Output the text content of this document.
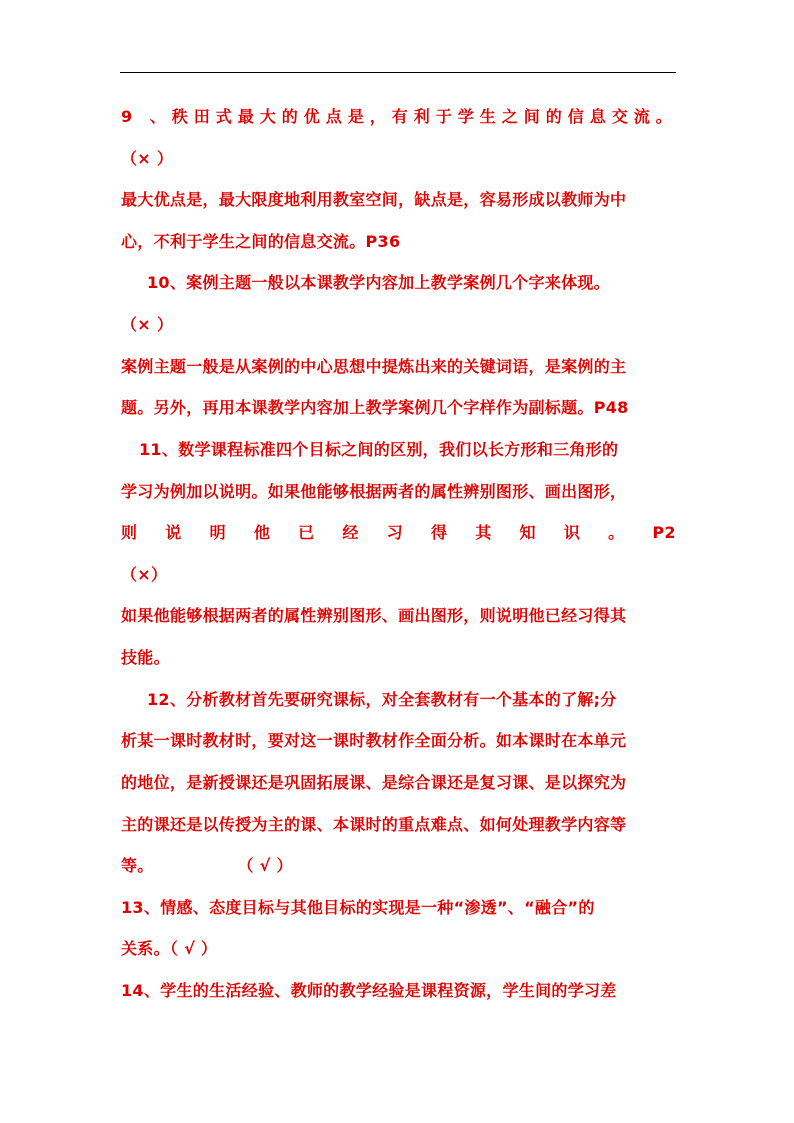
9 、秩田式最大的优点是，有利于学生之间的信息交流。
（× ）
最大优点是，最大限度地利用教室空间，缺点是，容易形成以教师为中
心，不利于学生之间的信息交流。P36
10、案例主题一般以本课教学内容加上教学案例几个字来体现。
（× ）
案例主题一般是从案例的中心思想中提炼出来的关键词语，是案例的主
题。另外，再用本课教学内容加上教学案例几个字样作为副标题。P48
11、数学课程标准四个目标之间的区别，我们以长方形和三角形的
学习为例加以说明。如果他能够根据两者的属性辨别图形、画出图形，
则 说 明 他 已 经 习 得 其 知 识 。 P2
（×）
如果他能够根据两者的属性辨别图形、画出图形，则说明他已经习得其
技能。
12、分析教材首先要研究课标，对全套教材有一个基本的了解;分
析某一课时教材时，要对这一课时教材作全面分析。如本课时在本单元
的地位，是新授课还是巩固拓展课、是综合课还是复习课、是以探究为
主的课还是以传授为主的课、本课时的重点难点、如何处理教学内容等
等。	（ √ ）
13、情感、态度目标与其他目标的实现是一种“渗透”、“融合”的
关系。（ √ ）
14、学生的生活经验、教师的教学经验是课程资源，学生间的学习差
